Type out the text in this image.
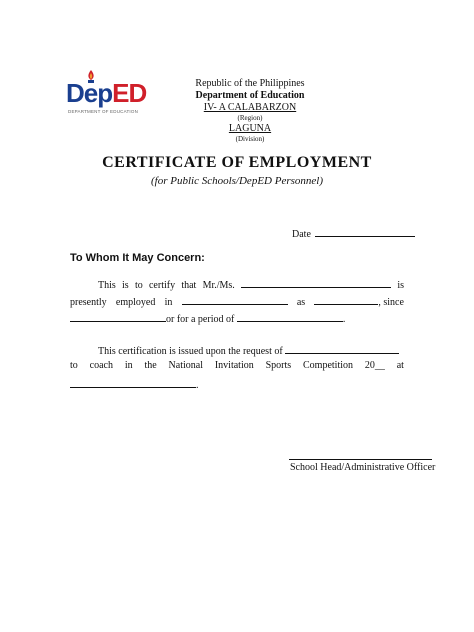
DepED
DEPARTMENT OF EDUCATION
Republic of the Philippines
Department of Education
IV- A CALABARZON
(Region)
LAGUNA
(Division)
CERTIFICATE OF EMPLOYMENT
(for Public Schools/DepED Personnel)
Date
To Whom It May Concern:
This is to certify that Mr./Ms.	is
presently employed in	as	, since
or for a period of	.
This certification is issued upon the request of
to coach in the National Invitation Sports Competition 20__ at
.
School Head/Administrative Officer
